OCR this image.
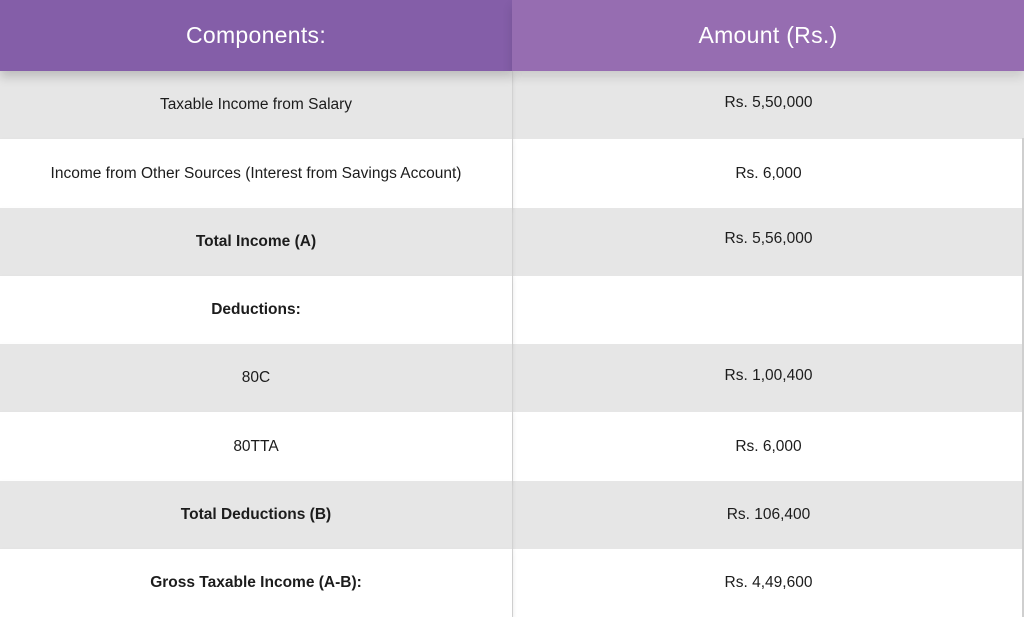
Components:	Amount (Rs.)
Taxable Income from Salary	Rs. 5,50,000
Income from Other Sources (Interest from Savings Account)	Rs. 6,000
Total Income (A)	Rs. 5,56,000
Deductions:
80C	Rs. 1,00,400
80TTA	Rs. 6,000
Total Deductions (B)	Rs. 106,400
Gross Taxable Income (A-B):	Rs. 4,49,600
